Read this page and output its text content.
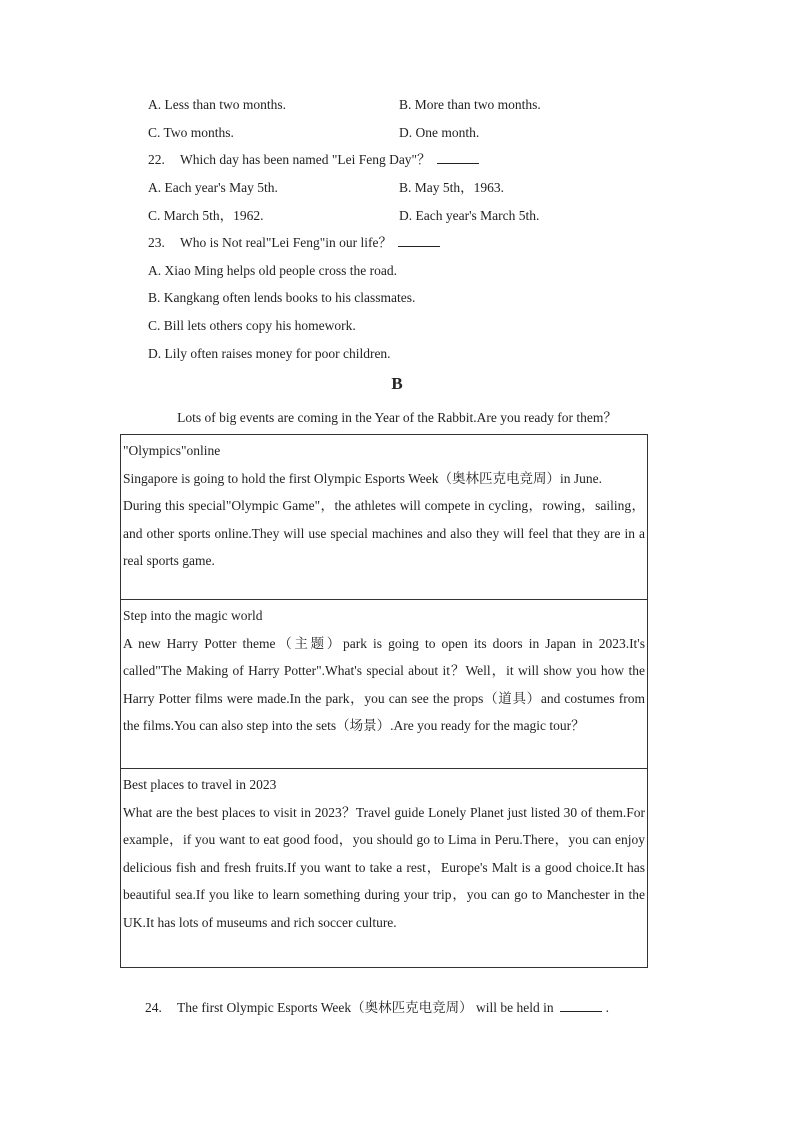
A. Less than two months.	B. More than two months.
C. Two months.	D. One month.
22. Which day has been named "Lei Feng Day"？
A. Each year's May 5th.	B. May 5th，1963.
C. March 5th，1962.	D. Each year's March 5th.
23. Who is Not real"Lei Feng"in our life？
A. Xiao Ming helps old people cross the road.
B. Kangkang often lends books to his classmates.
C. Bill lets others copy his homework.
D. Lily often raises money for poor children.
B
Lots of big events are coming in the Year of the Rabbit.Are you ready for them？

"Olympics"online

Singapore is going to hold the first Olympic Esports Week（奥林匹克电竞周）in June.

During this special"Olympic Game"，the athletes will compete in cycling，rowing，sailing，and other sports online.They will use special machines and also they will feel that they are in a real sports game.

Step into the magic world

A new Harry Potter theme（主题）park is going to open its doors in Japan in 2023.It's called"The Making of Harry Potter".What's special about it？Well，it will show you how the Harry Potter films were made.In the park，you can see the props（道具）and costumes from the films.You can also step into the sets（场景）.Are you ready for the magic tour？

Best places to travel in 2023

What are the best places to visit in 2023？Travel guide Lonely Planet just listed 30 of them.For example，if you want to eat good food，you should go to Lima in Peru.There，you can enjoy delicious fish and fresh fruits.If you want to take a rest，Europe's Malt is a good choice.It has beautiful sea.If you like to learn something during your trip，you can go to Manchester in the UK.It has lots of museums and rich soccer culture.

24. The first Olympic Esports Week（奥林匹克电竞周） will be held in	.
